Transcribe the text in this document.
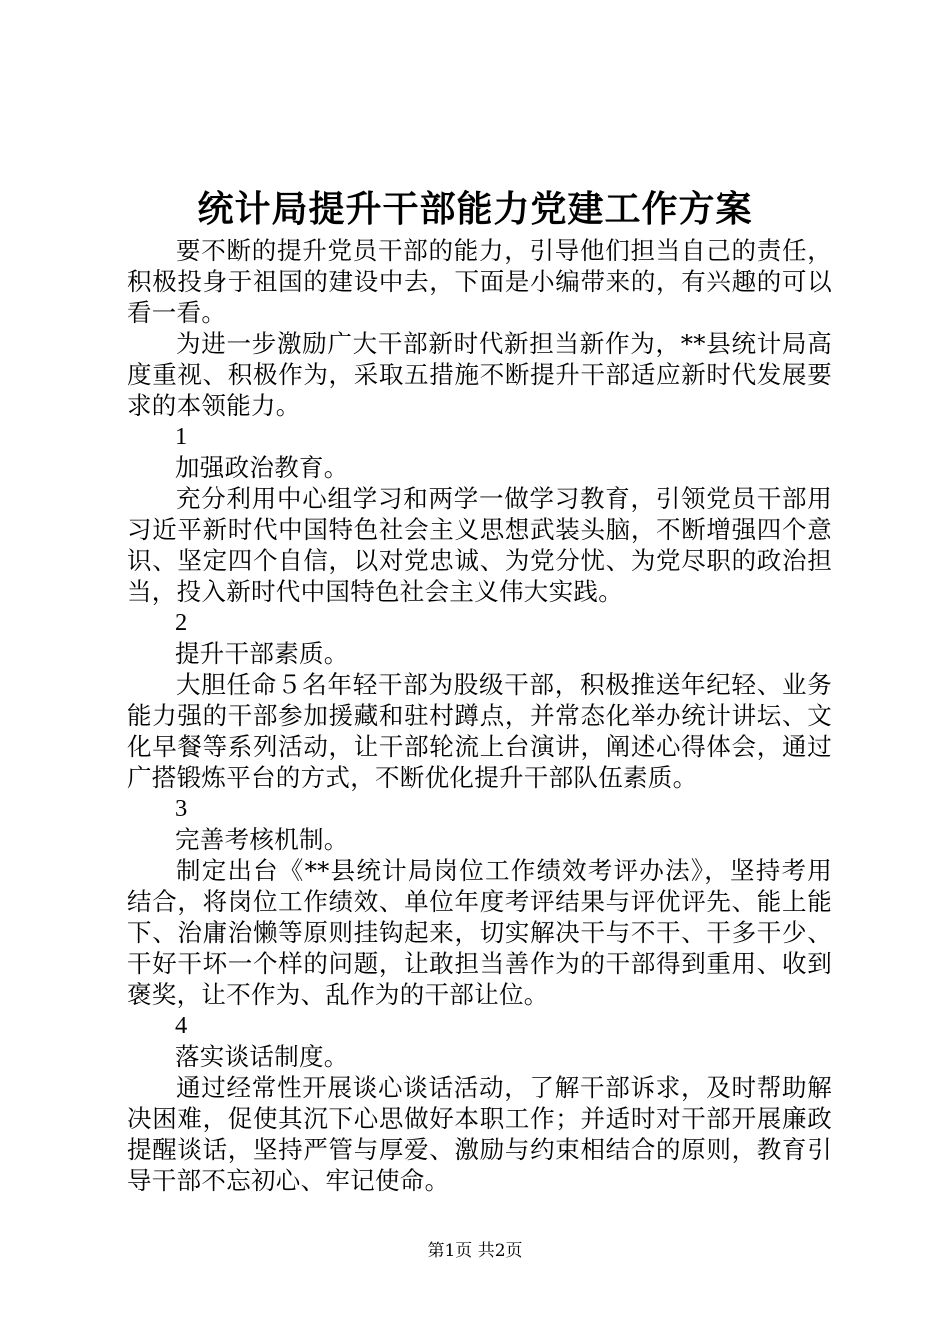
统计局提升干部能力党建工作方案

要不断的提升党员干部的能力，引导他们担当自己的责任，积极投身于祖国的建设中去，下面是小编带来的，有兴趣的可以看一看。

为进一步激励广大干部新时代新担当新作为，**县统计局高度重视、积极作为，采取五措施不断提升干部适应新时代发展要求的本领能力。

1

加强政治教育。

充分利用中心组学习和两学一做学习教育，引领党员干部用习近平新时代中国特色社会主义思想武装头脑，不断增强四个意识、坚定四个自信，以对党忠诚、为党分忧、为党尽职的政治担当，投入新时代中国特色社会主义伟大实践。

2

提升干部素质。

大胆任命５名年轻干部为股级干部，积极推送年纪轻、业务能力强的干部参加援藏和驻村蹲点，并常态化举办统计讲坛、文化早餐等系列活动，让干部轮流上台演讲，阐述心得体会，通过广搭锻炼平台的方式，不断优化提升干部队伍素质。

3

完善考核机制。

制定出台《**县统计局岗位工作绩效考评办法》，坚持考用结合，将岗位工作绩效、单位年度考评结果与评优评先、能上能下、治庸治懒等原则挂钩起来，切实解决干与不干、干多干少、干好干坏一个样的问题，让敢担当善作为的干部得到重用、收到褒奖，让不作为、乱作为的干部让位。

4

落实谈话制度。

通过经常性开展谈心谈话活动，了解干部诉求，及时帮助解决困难，促使其沉下心思做好本职工作；并适时对干部开展廉政提醒谈话，坚持严管与厚爱、激励与约束相结合的原则，教育引导干部不忘初心、牢记使命。

第1页 共2页
